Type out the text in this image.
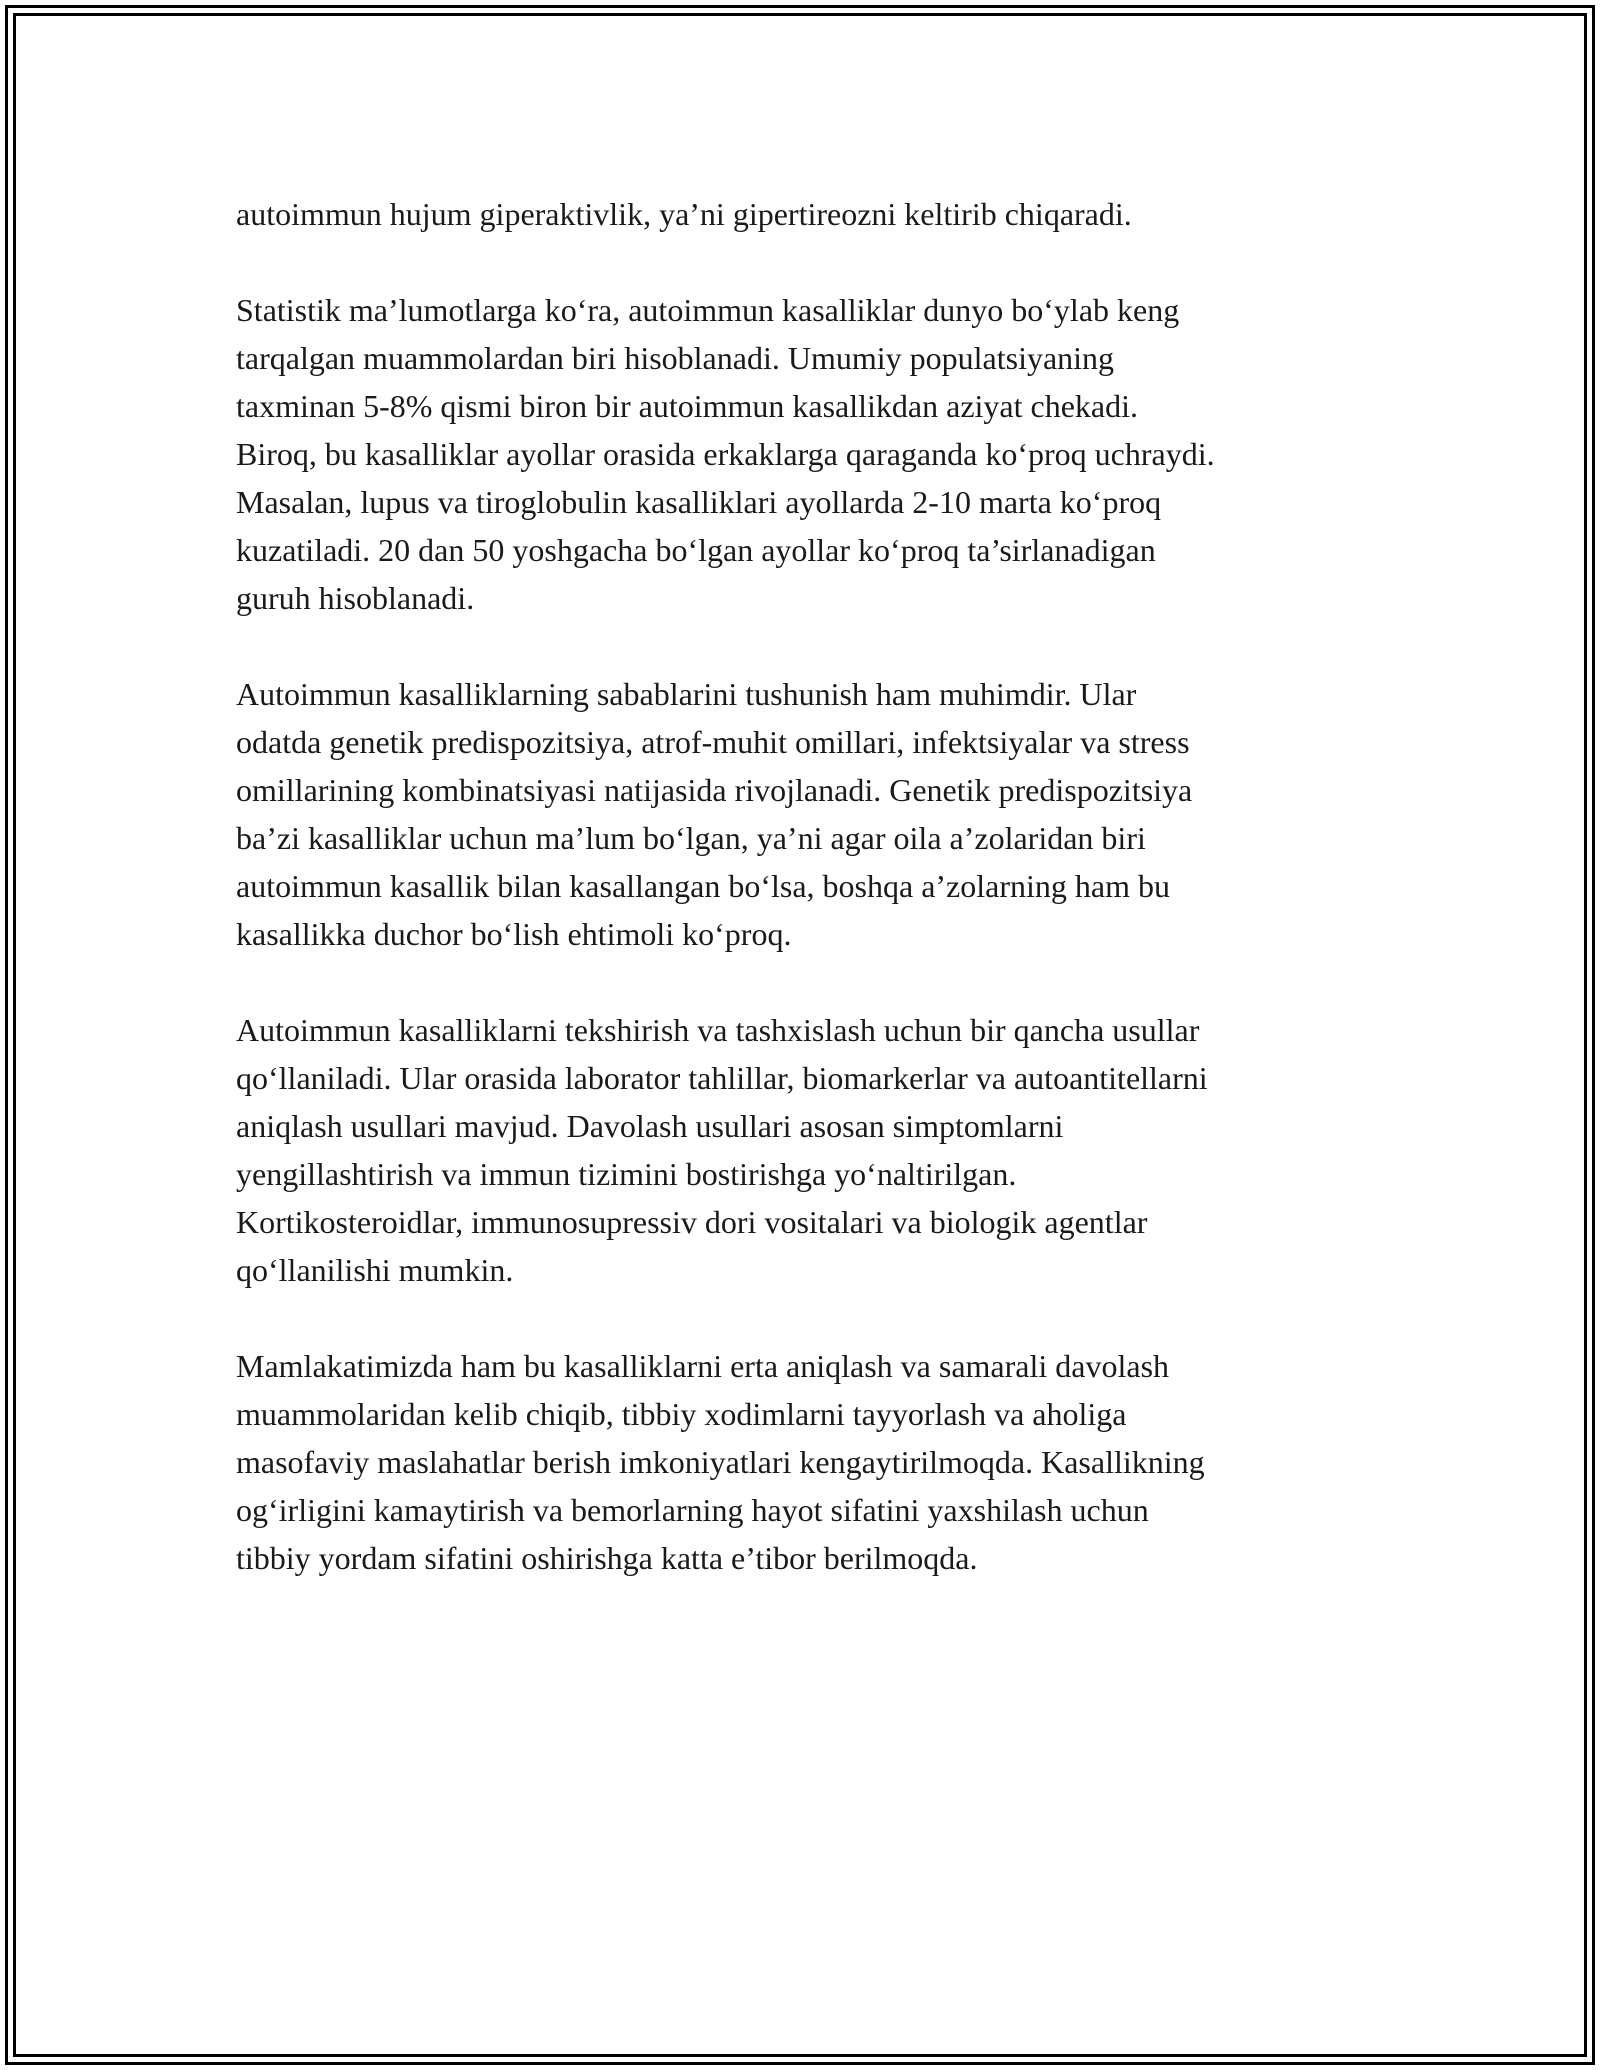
autoimmun hujum giperaktivlik, ya’ni gipertireozni keltirib chiqaradi.

Statistik ma’lumotlarga ko‘ra, autoimmun kasalliklar dunyo bo‘ylab keng
tarqalgan muammolardan biri hisoblanadi. Umumiy populatsiyaning
taxminan 5-8% qismi biron bir autoimmun kasallikdan aziyat chekadi.
Biroq, bu kasalliklar ayollar orasida erkaklarga qaraganda ko‘proq uchraydi.
Masalan, lupus va tiroglobulin kasalliklari ayollarda 2-10 marta ko‘proq
kuzatiladi. 20 dan 50 yoshgacha bo‘lgan ayollar ko‘proq ta’sirlanadigan
guruh hisoblanadi.

Autoimmun kasalliklarning sabablarini tushunish ham muhimdir. Ular
odatda genetik predispozitsiya, atrof-muhit omillari, infektsiyalar va stress
omillarining kombinatsiyasi natijasida rivojlanadi. Genetik predispozitsiya
ba’zi kasalliklar uchun ma’lum bo‘lgan, ya’ni agar oila a’zolaridan biri
autoimmun kasallik bilan kasallangan bo‘lsa, boshqa a’zolarning ham bu
kasallikka duchor bo‘lish ehtimoli ko‘proq.

Autoimmun kasalliklarni tekshirish va tashxislash uchun bir qancha usullar
qo‘llaniladi. Ular orasida laborator tahlillar, biomarkerlar va autoantitellarni
aniqlash usullari mavjud. Davolash usullari asosan simptomlarni
yengillashtirish va immun tizimini bostirishga yo‘naltirilgan.
Kortikosteroidlar, immunosupressiv dori vositalari va biologik agentlar
qo‘llanilishi mumkin.

Mamlakatimizda ham bu kasalliklarni erta aniqlash va samarali davolash
muammolaridan kelib chiqib, tibbiy xodimlarni tayyorlash va aholiga
masofaviy maslahatlar berish imkoniyatlari kengaytirilmoqda. Kasallikning
og‘irligini kamaytirish va bemorlarning hayot sifatini yaxshilash uchun
tibbiy yordam sifatini oshirishga katta e’tibor berilmoqda.
